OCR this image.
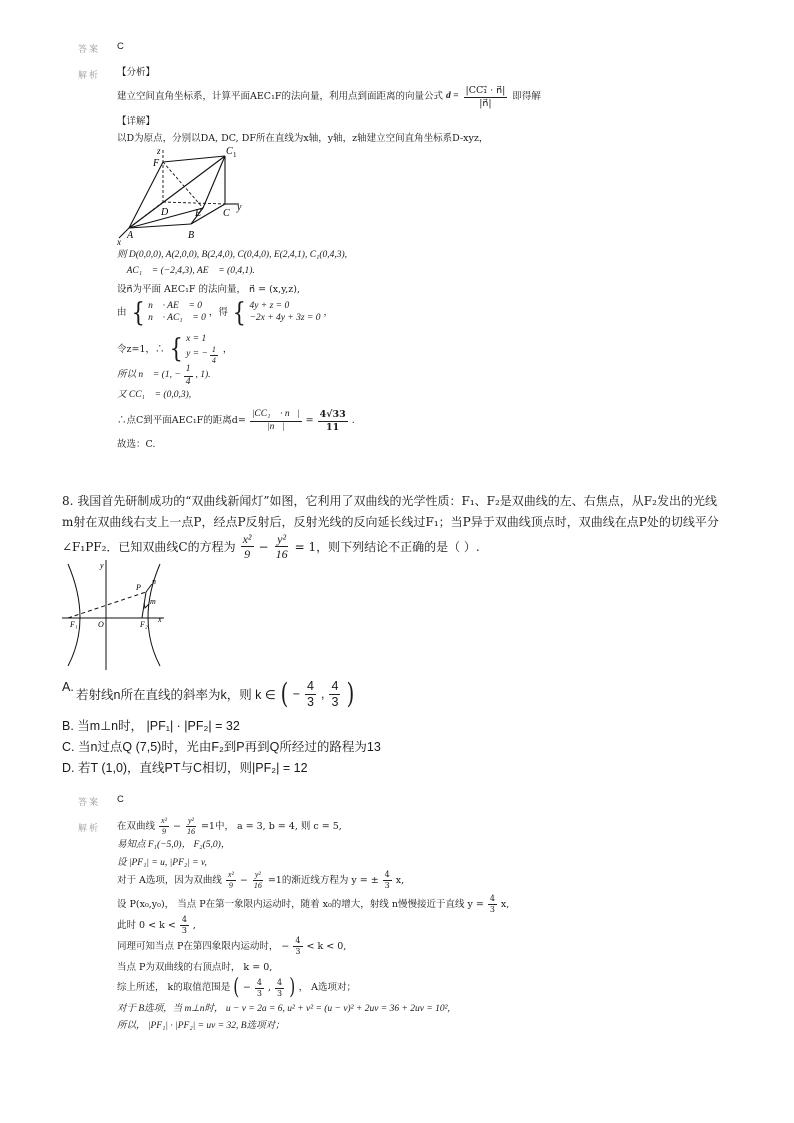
答案 C
解析 【分析】
建立空间直角坐标系，计算平面AEC₁F的法向量，利用点到面距离的向量公式 $d = \frac{\text{|CC₁⃗ · n⃗|}}{|n⃗|}$ 即得解
【详解】
以D为原点，分别以DA, DC, DF所在直线为x轴，y轴，z轴建立空间直角坐标系D-xyz，
z
F
C 1
D	E C
y
A	B
x
则 D(0,0,0), A(2,0,0), B(2,4,0), C(0,4,0), E(2,4,1), C₁(0,4,3),
∴ AC₁⃗ = (−2,4,3), AE⃗ = (0,4,1).
设n⃗为平面 AEC₁F 的法向量， n⃗ = (x,y,z),
由 { n⃗ · AE⃗ = 0
n⃗ · AC₁⃗ = 0 ，得 { 4y + z = 0
−2x + 4y + 3z = 0 ，
令z=1，∴ { x = 1
y = − $\frac{1}{4}$ ，
所以 n⃗ = (1, − $\frac{1}{4}$ , 1).
又 CC₁⃗ = (0,0,3),
∴点C到平面AEC₁F的距离$d= \frac{\text{|CC₁⃗ · n⃗|}}{|n⃗|} = \frac{4√33}{11}$ .
故选：C.
8. 我国首先研制成功的“双曲线新闻灯”如图，它利用了双曲线的光学性质：F₁、F₂是双曲线的左、右焦点，从F₂发出的光线
m射在双曲线右支上一点P，经点P反射后，反射光线的反向延长线过F₁；当P异于双曲线顶点时，双曲线在点P处的切线平分
∠F₁PF₂．已知双曲线C的方程为 $\frac{\text{x²}}{9} - \frac{\text{y²}}{16} = 1$，则下列结论不正确的是（ ）.
y
P
n
m
F₁	O	F₂
x
A.
若射线n所在直线的斜率为k，则 k ∈ ( − $\frac{4}{3}$ , $\frac{4}{3}$ )
B. 当m⊥n时， |PF₁| · |PF₂| = 32
C. 当n过点Q (7,5)时，光由F₂到P再到Q所经过的路程为13
D. 若T (1,0)，直线PT与C相切，则|PF₂| = 12
答案 C
解析 在双曲线 $\frac{\text{x²}}{9} - \frac{\text{y²}}{16} =1$中， a = 3, b = 4, 则 c = 5,
易知点 F₁(−5,0)， F₂(5,0)，
设 |PF₁| = u, |PF₂| = v,
对于 A选项，因为双曲线 $\frac{\text{x²}}{9} - \frac{\text{y²}}{16} =1$的渐近线方程为 y = ± $\frac{4}{3} x$,
设 P(x₀,y₀)， 当点 P在第一象限内运动时，随着 x₀的增大，射线 n慢慢接近于直线 $y = \frac{4}{3} x$,
此时 $0 < k < \frac{4}{3}$ ,
同理可知当点 P在第四象限内运动时， − $\frac{4}{3} < k < 0$,
当点 P为双曲线的右顶点时， k = 0,
综上所述， k的取值范围是 ( − $\frac{4}{3}$ , $\frac{4}{3}$ ) ， A选项对；
对于 B选项，当 m⊥n时， u − v = 2a = 6, u² + v² = (u − v)² + 2uv = 36 + 2uv = 10²,
所以， |PF₁| · |PF₂| = uv = 32, B选项对；
